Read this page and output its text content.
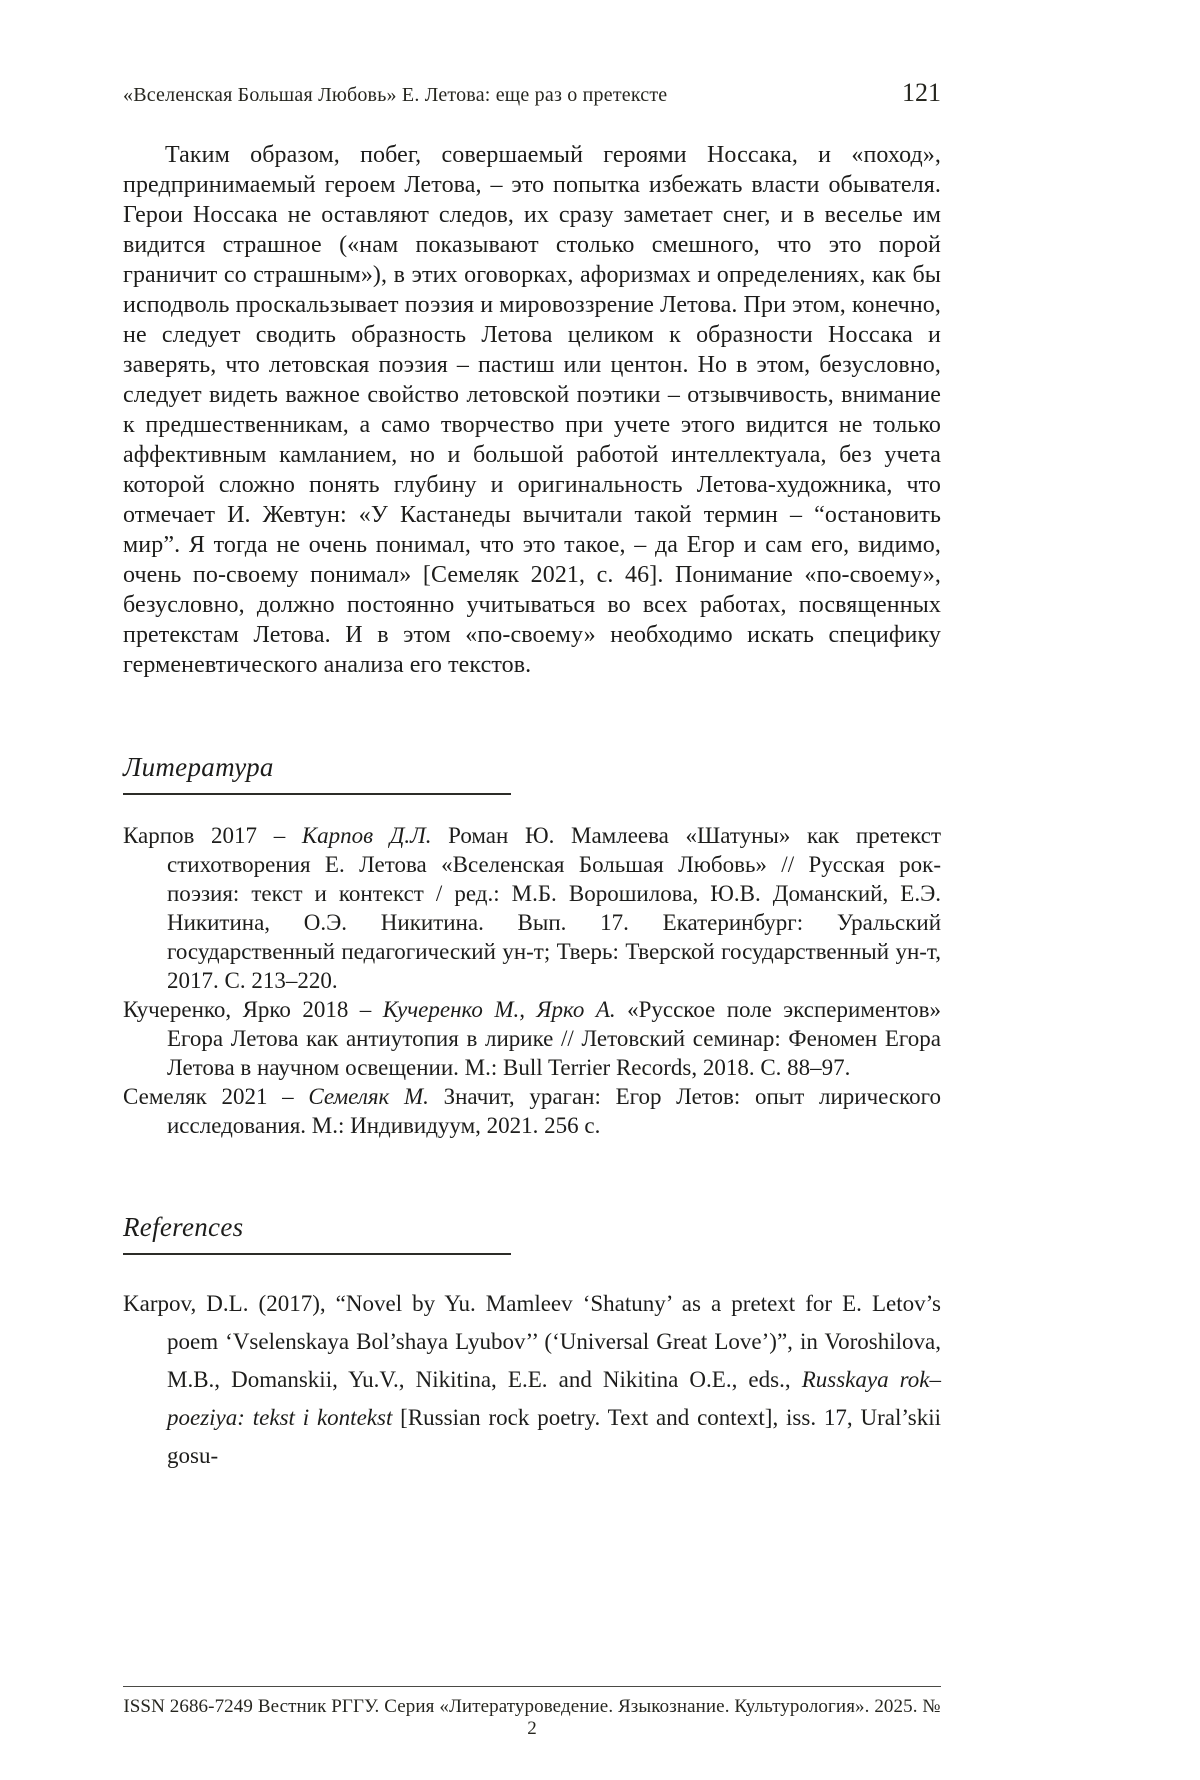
«Вселенская Большая Любовь» Е. Летова: еще раз о претексте	121

Таким образом, побег, совершаемый героями Носсака, и «поход», предпринимаемый героем Летова, – это попытка избежать власти обывателя. Герои Носсака не оставляют следов, их сразу заметает снег, и в веселье им видится страшное («нам показывают столько смешного, что это порой граничит со страшным»), в этих оговорках, афоризмах и определениях, как бы исподволь проскальзывает поэзия и мировоззрение Летова. При этом, конечно, не следует сводить образность Летова целиком к образности Носсака и заверять, что летовская поэзия – пастиш или центон. Но в этом, безусловно, следует видеть важное свойство летовской поэтики – отзывчивость, внимание к предшественникам, а само творчество при учете этого видится не только аффективным камланием, но и большой работой интеллектуала, без учета которой сложно понять глубину и оригинальность Летова-художника, что отмечает И. Жевтун: «У Кастанеды вычитали такой термин – “остановить мир”. Я тогда не очень понимал, что это такое, – да Егор и сам его, видимо, очень по-своему понимал» [Семеляк 2021, с. 46]. Понимание «по-своему», безусловно, должно постоянно учитываться во всех работах, посвященных претекстам Летова. И в этом «по-своему» необходимо искать специфику герменевтического анализа его текстов.

Литература

Карпов 2017 – Карпов Д.Л. Роман Ю. Мамлеева «Шатуны» как претекст стихотворения Е. Летова «Вселенская Большая Любовь» // Русская рок-поэзия: текст и контекст / ред.: М.Б. Ворошилова, Ю.В. Доманский, Е.Э. Никитина, О.Э. Никитина. Вып. 17. Екатеринбург: Уральский государственный педагогический ун-т; Тверь: Тверской государственный ун-т, 2017. С. 213–220.

Кучеренко, Ярко 2018 – Кучеренко М., Ярко А. «Русское поле экспериментов» Егора Летова как антиутопия в лирике // Летовский семинар: Феномен Егора Летова в научном освещении. М.: Bull Terrier Records, 2018. С. 88–97.

Семеляк 2021 – Семеляк М. Значит, ураган: Егор Летов: опыт лирического исследования. М.: Индивидуум, 2021. 256 с.

References

Karpov, D.L. (2017), “Novel by Yu. Mamleev ‘Shatuny’ as a pretext for E. Letov’s poem ‘Vselenskaya Bol’shaya Lyubov’’ (‘Universal Great Love’)”, in Voroshilova, M.B., Domanskii, Yu.V., Nikitina, E.E. and Nikitina O.E., eds., Russkaya rok–poeziya: tekst i kontekst [Russian rock poetry. Text and context], iss. 17, Ural’skii gosu-

ISSN 2686-7249 Вестник РГГУ. Серия «Литературоведение. Языкознание. Культурология». 2025. № 2
